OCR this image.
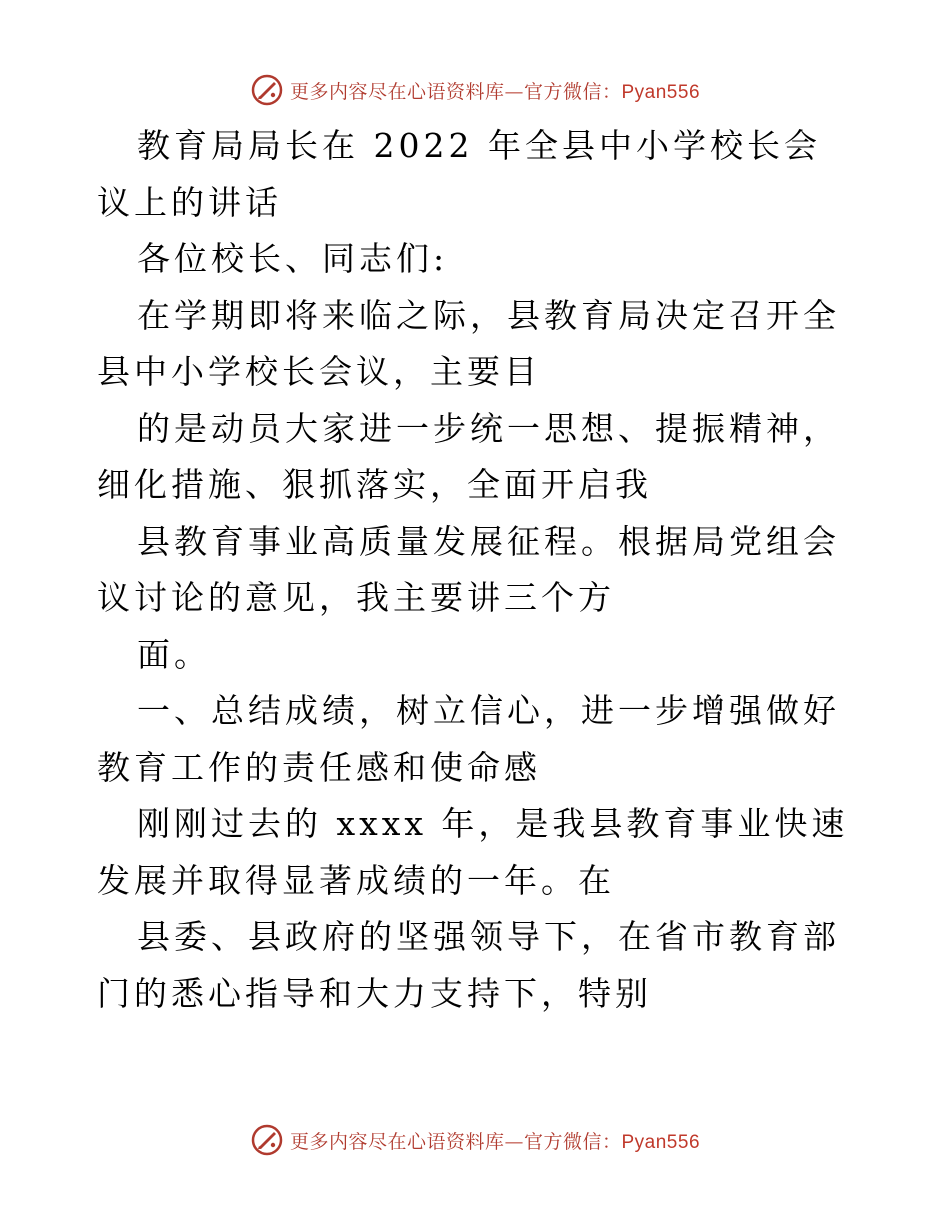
更多内容尽在心语资料库—官方微信：Pyan556

教育局局长在 2022 年全县中小学校长会议上的讲话

各位校长、同志们:

在学期即将来临之际，县教育局决定召开全县中小学校长会议，主要目

的是动员大家进一步统一思想、提振精神，细化措施、狠抓落实，全面开启我

县教育事业高质量发展征程。根据局党组会议讨论的意见，我主要讲三个方

面。

一、总结成绩，树立信心，进一步增强做好教育工作的责任感和使命感

刚刚过去的 xxxx 年，是我县教育事业快速发展并取得显著成绩的一年。在

县委、县政府的坚强领导下，在省市教育部门的悉心指导和大力支持下，特别

更多内容尽在心语资料库—官方微信：Pyan556
